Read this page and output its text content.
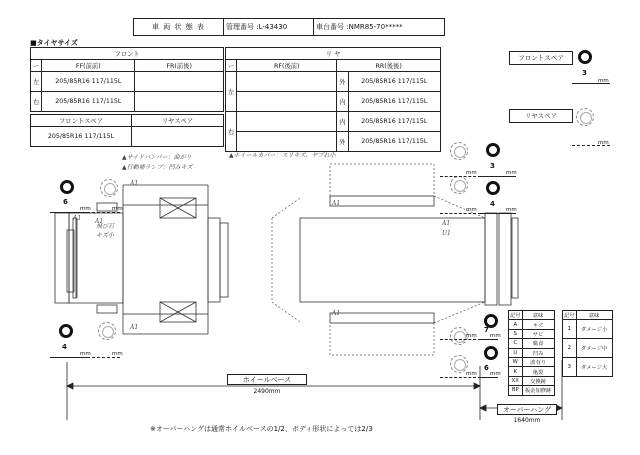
車 両 状 態 表	管理番号 :L-43430	車台番号 :NMR85-70*****
■タイヤサイズ
フロント		
ー	FF(前前)	FR(前後)
左	205/85R16 117/115L	
右	205/85R16 117/115L	
リ ヤ			
ー	RF(後前)	RR(後後)	
左		外	205/85R16 117/115L
		内	205/85R16 117/115L
右		内	205/85R16 117/115L
		外	205/85R16 117/115L
フロントスペア	リヤスペア
205/85R16 117/115L	
フロントスペア
3
mm
リヤスペア
mm
▲サイドバンパー：曲がり
▲行動補ランプ：凹みキズ
▲ホイールカバー：スリキズ、ヤブれ小
A1
A1 A1
A1
飛び石
キズ小
A1
A1
A1
U1
6
mm	mm
4
mm	mm
3
mm
mm
4
mm
mm
7
mm
mm
6
mm
mm
記号	意味
A	キズ
S	サビ
C	腐食
U	凹み
W	波有り
K	亀裂
XX	交換跡
BP	板金加修跡
記号	意味
1	ダメージ小

2	ダメージ中

3	ダメージ大

ホイールベース
2490mm
オーバーハング
1640mm
※オーバーハングは通常ホイルベースの1/2、ボディ形状によっては2/3
